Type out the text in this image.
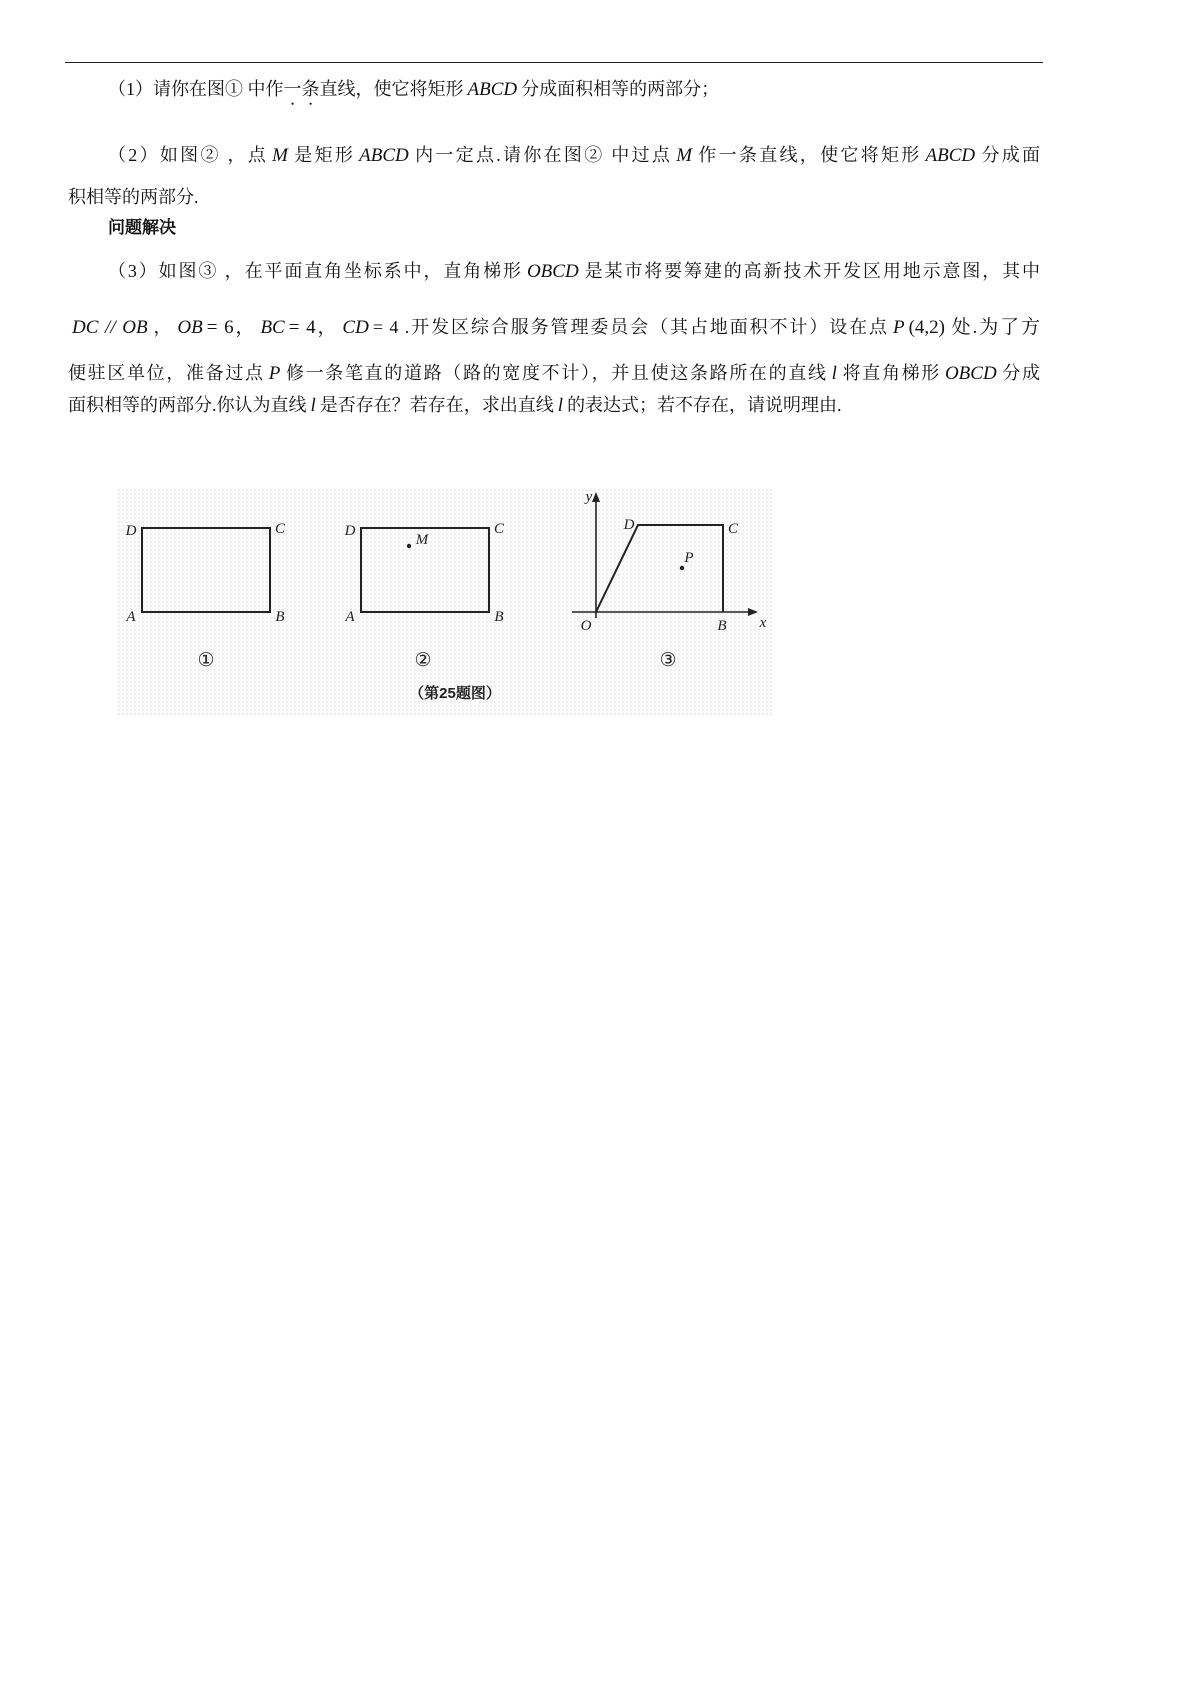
（1）请你在图① 中作一条直线，使它将矩形 ABCD 分成面积相等的两部分；
（2）如图② ，点 M 是矩形 ABCD 内一定点.请你在图② 中过点 M 作一条直线，使它将矩形 ABCD 分成面
积相等的两部分.
问题解决
（3）如图③ ，在平面直角坐标系中，直角梯形 OBCD 是某市将要筹建的高新技术开发区用地示意图，其中
DC // OB ， OB = 6， BC = 4， CD = 4 .开发区综合服务管理委员会（其占地面积不计）设在点 P (4,2) 处.为了方
便驻区单位，准备过点 P 修一条笔直的道路（路的宽度不计），并且使这条路所在的直线 l 将直角梯形 OBCD 分成
面积相等的两部分.你认为直线 l 是否存在？若存在，求出直线 l 的表达式；若不存在，请说明理由.
D	C
A	B
①
M
D	C
A	B
②
y
x
O
D	C
B
P
③
（第25题图）
